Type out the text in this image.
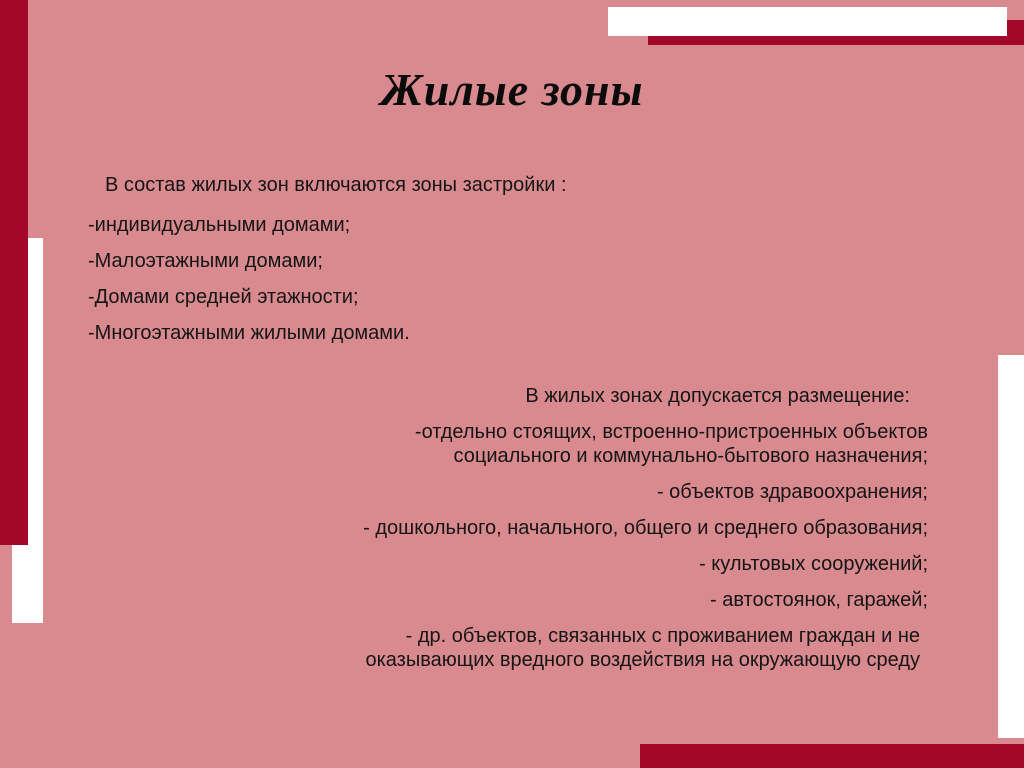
Жилые зоны

В состав жилых зон включаются зоны застройки :

-индивидуальными домами;

-Малоэтажными домами;

-Домами средней этажности;

-Многоэтажными жилыми домами.

В жилых зонах допускается размещение:

-отдельно стоящих, встроенно-пристроенных объектов социального и коммунально-бытового назначения;

- объектов здравоохранения;

- дошкольного, начального, общего и среднего образования;

- культовых сооружений;

- автостоянок, гаражей;

- др. объектов, связанных с проживанием граждан и не оказывающих вредного воздействия на окружающую среду
